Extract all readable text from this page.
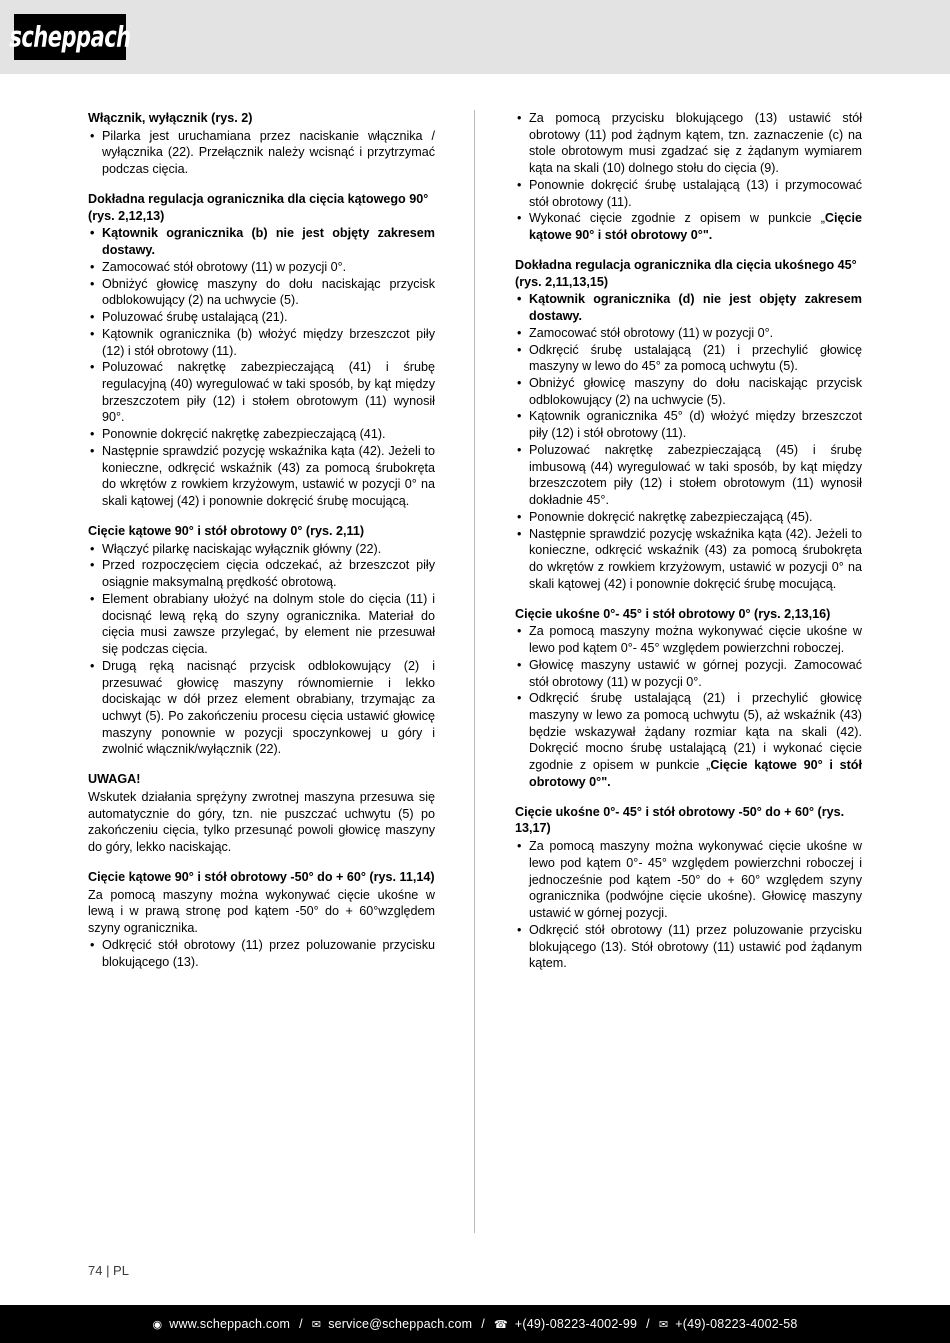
scheppach
Włącznik, wyłącznik (rys. 2)
• Pilarka jest uruchamiana przez naciskanie włącznika / wyłącznika (22). Przełącznik należy wcisnąć i przytrzymać podczas cięcia.
Dokładna regulacja ogranicznika dla cięcia kątowego 90° (rys. 2,12,13)
• Kątownik ogranicznika (b) nie jest objęty zakresem dostawy.
• Zamocować stół obrotowy (11) w pozycji 0°.
• Obniżyć głowicę maszyny do dołu naciskając przycisk odblokowujący (2) na uchwycie (5).
• Poluzować śrubę ustalającą (21).
• Kątownik ogranicznika (b) włożyć między brzeszczot piły (12) i stół obrotowy (11).
• Poluzować nakrętkę zabezpieczającą (41) i śrubę regulacyjną (40) wyregulować w taki sposób, by kąt między brzeszczotem piły (12) i stołem obrotowym (11) wynosił 90°.
• Ponownie dokręcić nakrętkę zabezpieczającą (41).
• Następnie sprawdzić pozycję wskaźnika kąta (42). Jeżeli to konieczne, odkręcić wskaźnik (43) za pomocą śrubokręta do wkrętów z rowkiem krzyżowym, ustawić w pozycji 0° na skali kątowej (42) i ponownie dokręcić śrubę mocującą.
Cięcie kątowe 90° i stół obrotowy 0° (rys. 2,11)
• Włączyć pilarkę naciskając wyłącznik główny (22).
• Przed rozpoczęciem cięcia odczekać, aż brzeszczot piły osiągnie maksymalną prędkość obrotową.
• Element obrabiany ułożyć na dolnym stole do cięcia (11) i docisnąć lewą ręką do szyny ogranicznika. Materiał do cięcia musi zawsze przylegać, by element nie przesuwał się podczas cięcia.
• Drugą ręką nacisnąć przycisk odblokowujący (2) i przesuwać głowicę maszyny równomiernie i lekko dociskając w dół przez element obrabiany, trzymając za uchwyt (5). Po zakończeniu procesu cięcia ustawić głowicę maszyny ponownie w pozycji spoczynkowej u góry i zwolnić włącznik/wyłącznik (22).
UWAGA!

Wskutek działania sprężyny zwrotnej maszyna przesuwa się automatycznie do góry, tzn. nie puszczać uchwytu (5) po zakończeniu cięcia, tylko przesunąć powoli głowicę maszyny do góry, lekko naciskając.

Cięcie kątowe 90° i stół obrotowy -50° do + 60° (rys. 11,14)

Za pomocą maszyny można wykonywać cięcie ukośne w lewą i w prawą stronę pod kątem -50° do + 60°względem szyny ogranicznika.

• Odkręcić stół obrotowy (11) przez poluzowanie przycisku blokującego (13).
• Za pomocą przycisku blokującego (13) ustawić stół obrotowy (11) pod żądnym kątem, tzn. zaznaczenie (c) na stole obrotowym musi zgadzać się z żądanym wymiarem kąta na skali (10) dolnego stołu do cięcia (9).
• Ponownie dokręcić śrubę ustalającą (13) i przymocować stół obrotowy (11).
• Wykonać cięcie zgodnie z opisem w punkcie „Cięcie kątowe 90° i stół obrotowy 0°".
Dokładna regulacja ogranicznika dla cięcia ukośnego 45° (rys. 2,11,13,15)
• Kątownik ogranicznika (d) nie jest objęty zakresem dostawy.
• Zamocować stół obrotowy (11) w pozycji 0°.
• Odkręcić śrubę ustalającą (21) i przechylić głowicę maszyny w lewo do 45° za pomocą uchwytu (5).
• Obniżyć głowicę maszyny do dołu naciskając przycisk odblokowujący (2) na uchwycie (5).
• Kątownik ogranicznika 45° (d) włożyć między brzeszczot piły (12) i stół obrotowy (11).
• Poluzować nakrętkę zabezpieczającą (45) i śrubę imbusową (44) wyregulować w taki sposób, by kąt między brzeszczotem piły (12) i stołem obrotowym (11) wynosił dokładnie 45°.
• Ponownie dokręcić nakrętkę zabezpieczającą (45).
• Następnie sprawdzić pozycję wskaźnika kąta (42). Jeżeli to konieczne, odkręcić wskaźnik (43) za pomocą śrubokręta do wkrętów z rowkiem krzyżowym, ustawić w pozycji 0° na skali kątowej (42) i ponownie dokręcić śrubę mocującą.
Cięcie ukośne 0°- 45° i stół obrotowy 0° (rys. 2,13,16)
• Za pomocą maszyny można wykonywać cięcie ukośne w lewo pod kątem 0°- 45° względem powierzchni roboczej.
• Głowicę maszyny ustawić w górnej pozycji. Zamocować stół obrotowy (11) w pozycji 0°.
• Odkręcić śrubę ustalającą (21) i przechylić głowicę maszyny w lewo za pomocą uchwytu (5), aż wskaźnik (43) będzie wskazywał żądany rozmiar kąta na skali (42). Dokręcić mocno śrubę ustalającą (21) i wykonać cięcie zgodnie z opisem w punkcie „Cięcie kątowe 90° i stół obrotowy 0°".
Cięcie ukośne 0°- 45° i stół obrotowy -50° do + 60° (rys. 13,17)
• Za pomocą maszyny można wykonywać cięcie ukośne w lewo pod kątem 0°- 45° względem powierzchni roboczej i jednocześnie pod kątem -50° do + 60° względem szyny ogranicznika (podwójne cięcie ukośne). Głowicę maszyny ustawić w górnej pozycji.
• Odkręcić stół obrotowy (11) przez poluzowanie przycisku blokującego (13). Stół obrotowy (11) ustawić pod żądanym kątem.
74 | PL
◉ www.scheppach.com / ✉ service@scheppach.com / ☎ +(49)-08223-4002-99 / ✉ +(49)-08223-4002-58
